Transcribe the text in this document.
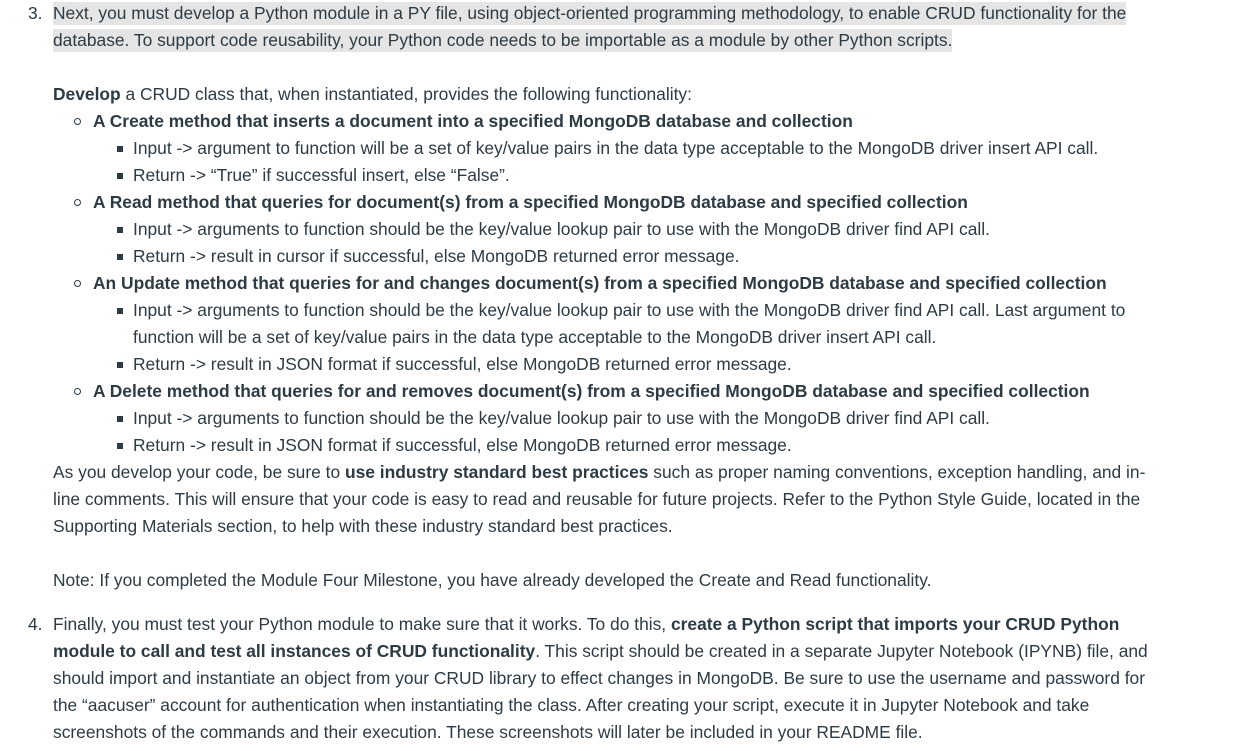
3. Next, you must develop a Python module in a PY file, using object-oriented programming methodology, to enable CRUD functionality for the database. To support code reusability, your Python code needs to be importable as a module by other Python scripts.

Develop a CRUD class that, when instantiated, provides the following functionality:

A Create method that inserts a document into a specified MongoDB database and collection
Input -> argument to function will be a set of key/value pairs in the data type acceptable to the MongoDB driver insert API call.
Return -> “True” if successful insert, else “False”.
A Read method that queries for document(s) from a specified MongoDB database and specified collection
Input -> arguments to function should be the key/value lookup pair to use with the MongoDB driver find API call.
Return -> result in cursor if successful, else MongoDB returned error message.
An Update method that queries for and changes document(s) from a specified MongoDB database and specified collection
Input -> arguments to function should be the key/value lookup pair to use with the MongoDB driver find API call. Last argument to function will be a set of key/value pairs in the data type acceptable to the MongoDB driver insert API call.
Return -> result in JSON format if successful, else MongoDB returned error message.
A Delete method that queries for and removes document(s) from a specified MongoDB database and specified collection
Input -> arguments to function should be the key/value lookup pair to use with the MongoDB driver find API call.
Return -> result in JSON format if successful, else MongoDB returned error message.

As you develop your code, be sure to use industry standard best practices such as proper naming conventions, exception handling, and in-line comments. This will ensure that your code is easy to read and reusable for future projects. Refer to the Python Style Guide, located in the Supporting Materials section, to help with these industry standard best practices.

Note: If you completed the Module Four Milestone, you have already developed the Create and Read functionality.

4. Finally, you must test your Python module to make sure that it works. To do this, create a Python script that imports your CRUD Python module to call and test all instances of CRUD functionality. This script should be created in a separate Jupyter Notebook (IPYNB) file, and should import and instantiate an object from your CRUD library to effect changes in MongoDB. Be sure to use the username and password for the “aacuser” account for authentication when instantiating the class. After creating your script, execute it in Jupyter Notebook and take screenshots of the commands and their execution. These screenshots will later be included in your README file.
